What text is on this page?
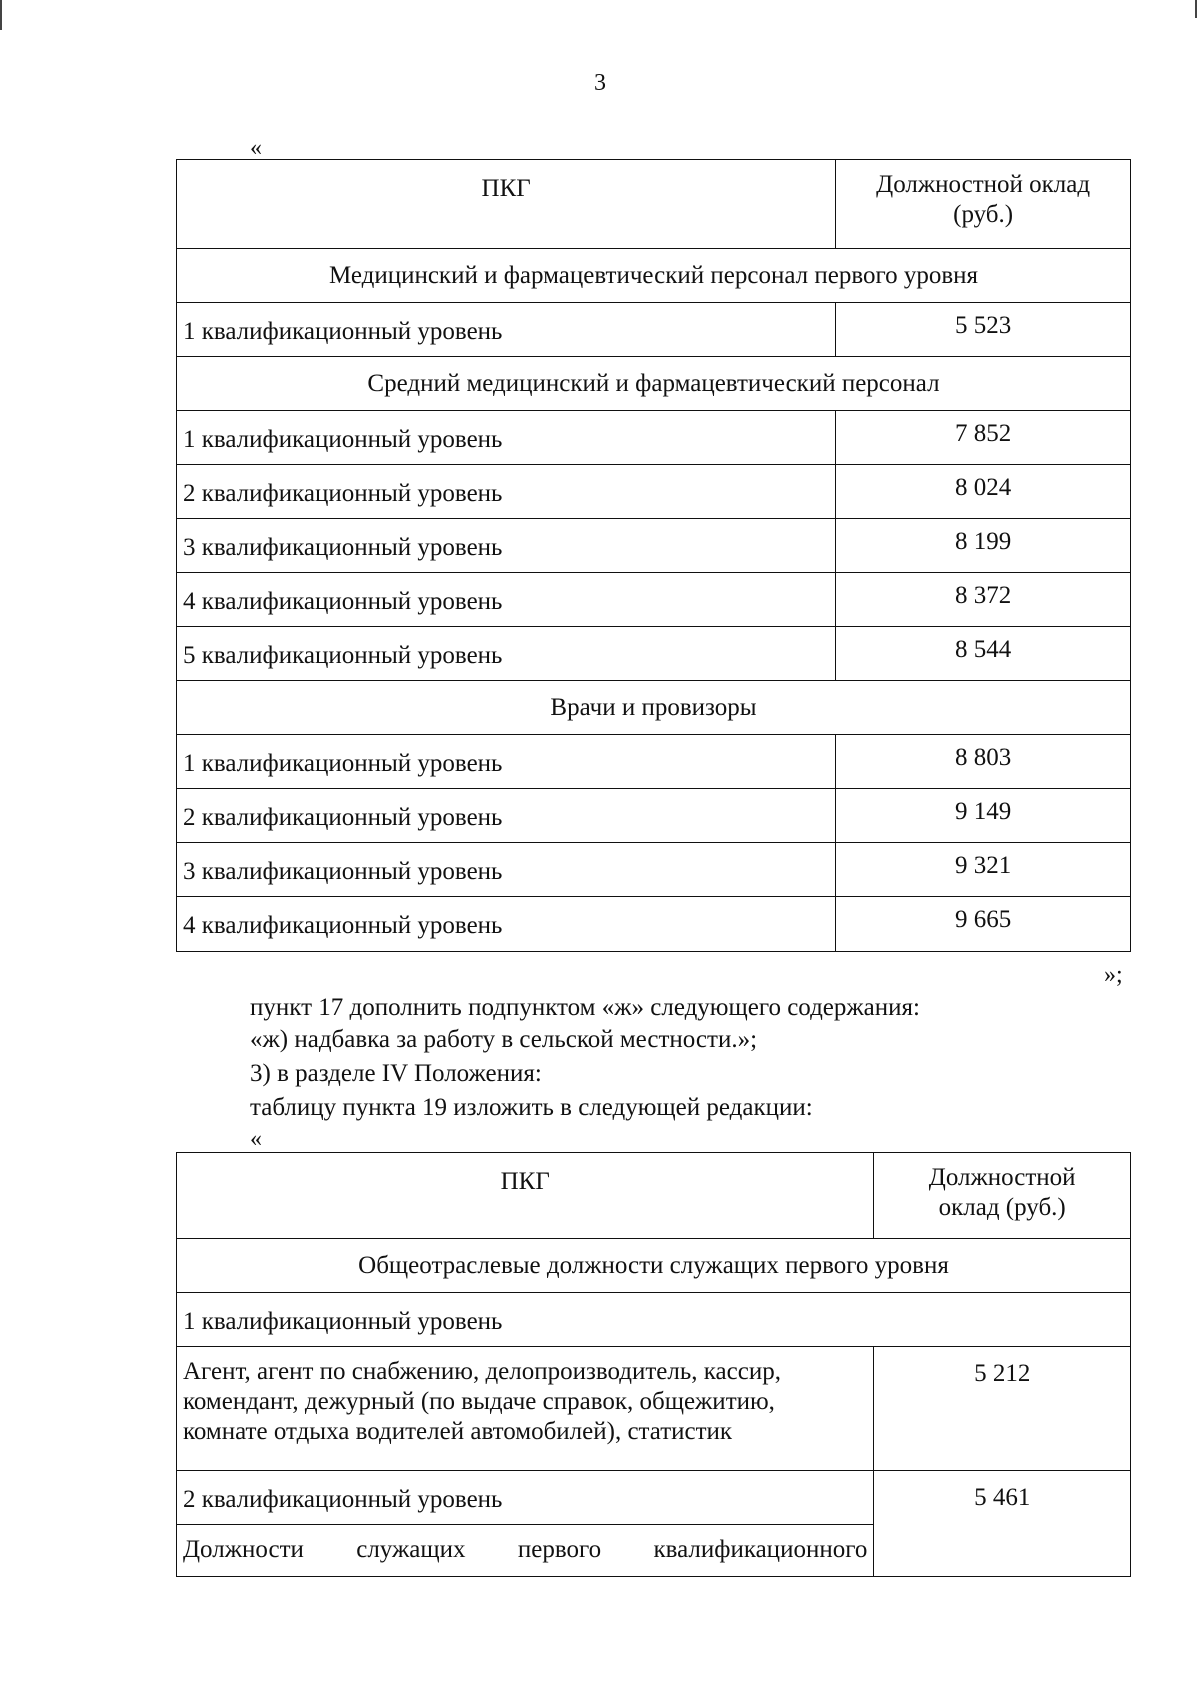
3
«
ПКГ	Должностной оклад
(руб.)

Медицинский и фармацевтический персонал первого уровня	
1 квалификационный уровень	5 523
Средний медицинский и фармацевтический персонал	
1 квалификационный уровень	7 852
2 квалификационный уровень	8 024
3 квалификационный уровень	8 199
4 квалификационный уровень	8 372
5 квалификационный уровень	8 544
Врачи и провизоры	
1 квалификационный уровень	8 803
2 квалификационный уровень	9 149
3 квалификационный уровень	9 321
4 квалификационный уровень	9 665
»;
пункт 17 дополнить подпунктом «ж» следующего содержания:
«ж) надбавка за работу в сельской местности.»;
3) в разделе IV Положения:
таблицу пункта 19 изложить в следующей редакции:
«
ПКГ	Должностной
оклад (руб.)

Общеотраслевые должности служащих первого уровня	
1 квалификационный уровень	

Агент, агент по снабжению, делопроизводитель, кассир,
комендант, дежурный (по выдаче справок, общежитию,
комнате отдыха водителей автомобилей), статистик	5 212
2 квалификационный уровень	5 461

Должности служащих первого квалификационного	
